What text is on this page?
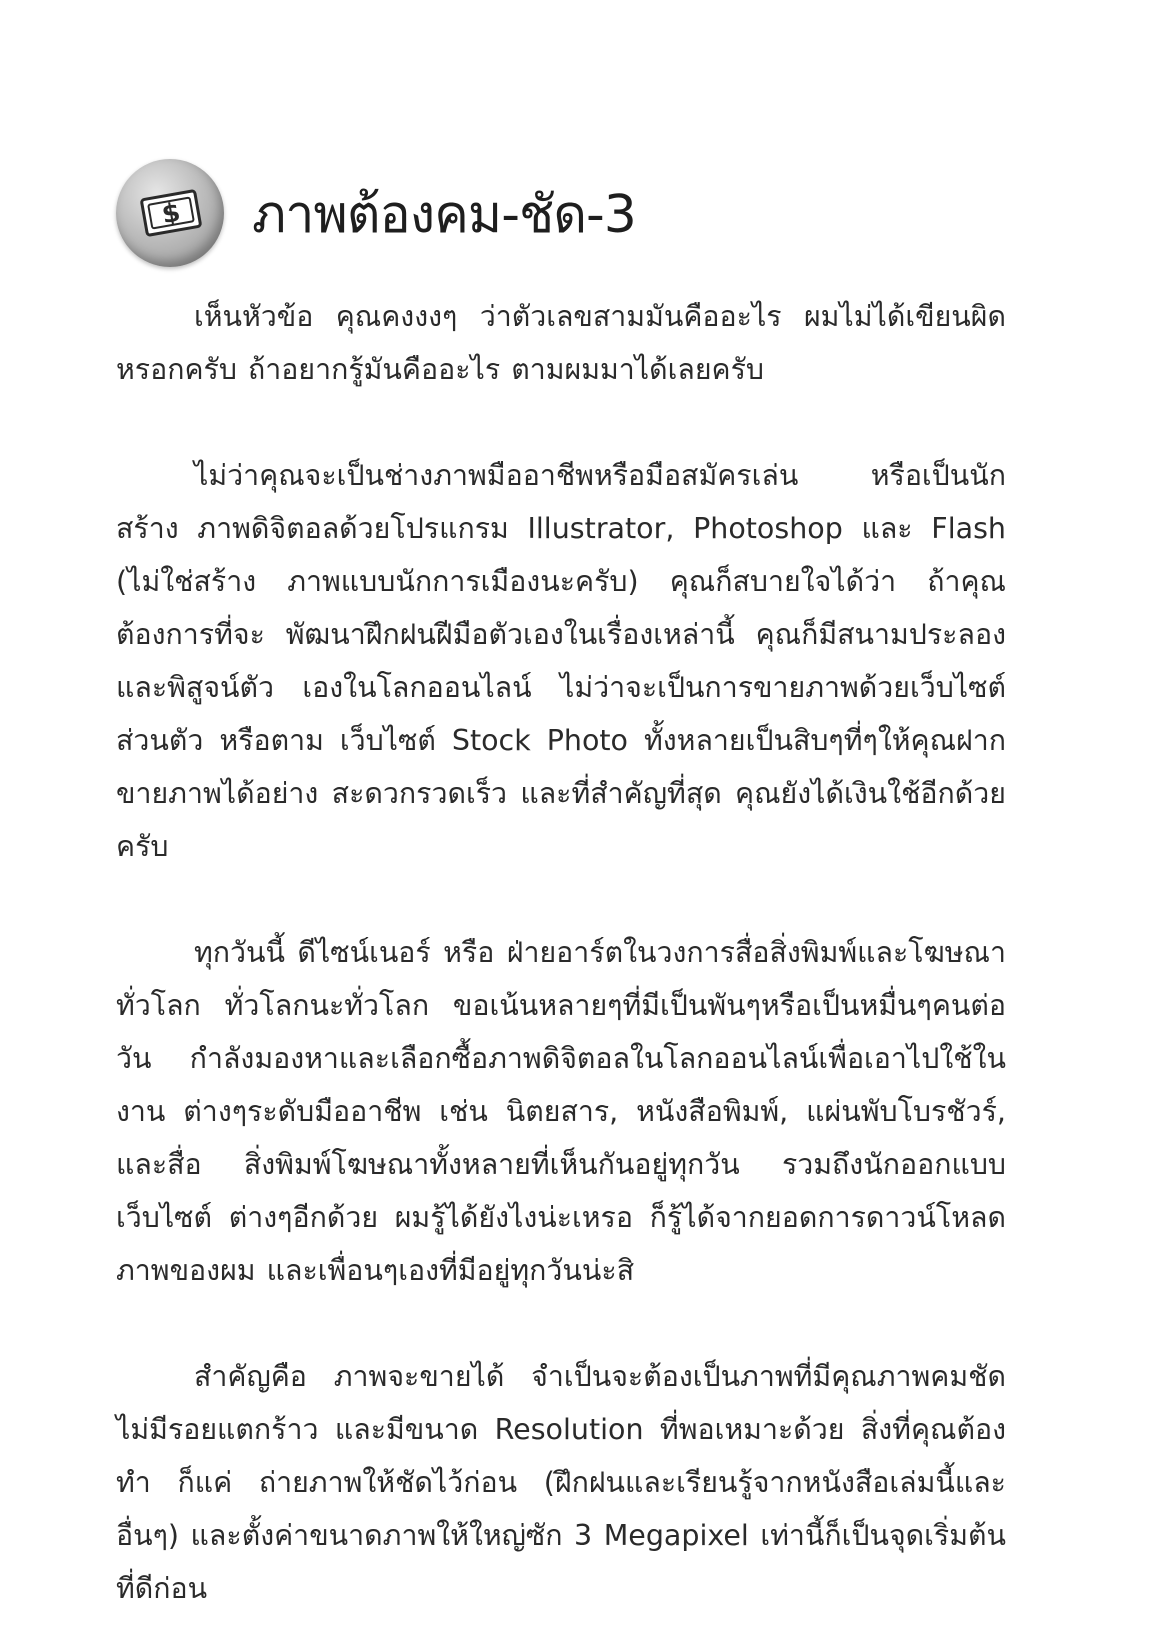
$ ภาพต้องคม-ชัด-3

เห็นหัวข้อ คุณคงงงๆ ว่าตัวเลขสามมันคืออะไร ผมไม่ได้เขียนผิด หรอกครับ ถ้าอยากรู้มันคืออะไร ตามผมมาได้เลยครับ

ไม่ว่าคุณจะเป็นช่างภาพมืออาชีพหรือมือสมัครเล่น หรือเป็นนักสร้าง ภาพดิจิตอลด้วยโปรแกรม Illustrator, Photoshop และ Flash (ไม่ใช่สร้าง ภาพแบบนักการเมืองนะครับ) คุณก็สบายใจได้ว่า ถ้าคุณต้องการที่จะ พัฒนาฝึกฝนฝีมือตัวเองในเรื่องเหล่านี้ คุณก็มีสนามประลองและพิสูจน์ตัว เองในโลกออนไลน์ ไม่ว่าจะเป็นการขายภาพด้วยเว็บไซต์ส่วนตัว หรือตาม เว็บไซต์ Stock Photo ทั้งหลายเป็นสิบๆที่ๆให้คุณฝากขายภาพได้อย่าง สะดวกรวดเร็ว และที่สำคัญที่สุด คุณยังได้เงินใช้อีกด้วยครับ

ทุกวันนี้ ดีไซน์เนอร์ หรือ ฝ่ายอาร์ตในวงการสื่อสิ่งพิมพ์และโฆษณา ทั่วโลก ทั่วโลกนะทั่วโลก ขอเน้นหลายๆที่มีเป็นพันๆหรือเป็นหมื่นๆคนต่อวัน กำลังมองหาและเลือกซื้อภาพดิจิตอลในโลกออนไลน์เพื่อเอาไปใช้ในงาน ต่างๆระดับมืออาชีพ เช่น นิตยสาร, หนังสือพิมพ์, แผ่นพับโบรชัวร์, และสื่อ สิ่งพิมพ์โฆษณาทั้งหลายที่เห็นกันอยู่ทุกวัน รวมถึงนักออกแบบเว็บไซต์ ต่างๆอีกด้วย ผมรู้ได้ยังไงน่ะเหรอ ก็รู้ได้จากยอดการดาวน์โหลดภาพของผม และเพื่อนๆเองที่มีอยู่ทุกวันน่ะสิ

สำคัญคือ ภาพจะขายได้ จำเป็นจะต้องเป็นภาพที่มีคุณภาพคมชัด ไม่มีรอยแตกร้าว และมีขนาด Resolution ที่พอเหมาะด้วย สิ่งที่คุณต้องทำ ก็แค่ ถ่ายภาพให้ชัดไว้ก่อน (ฝึกฝนและเรียนรู้จากหนังสือเล่มนี้และอื่นๆ) และตั้งค่าขนาดภาพให้ใหญ่ซัก 3 Megapixel เท่านี้ก็เป็นจุดเริ่มต้นที่ดีก่อน
